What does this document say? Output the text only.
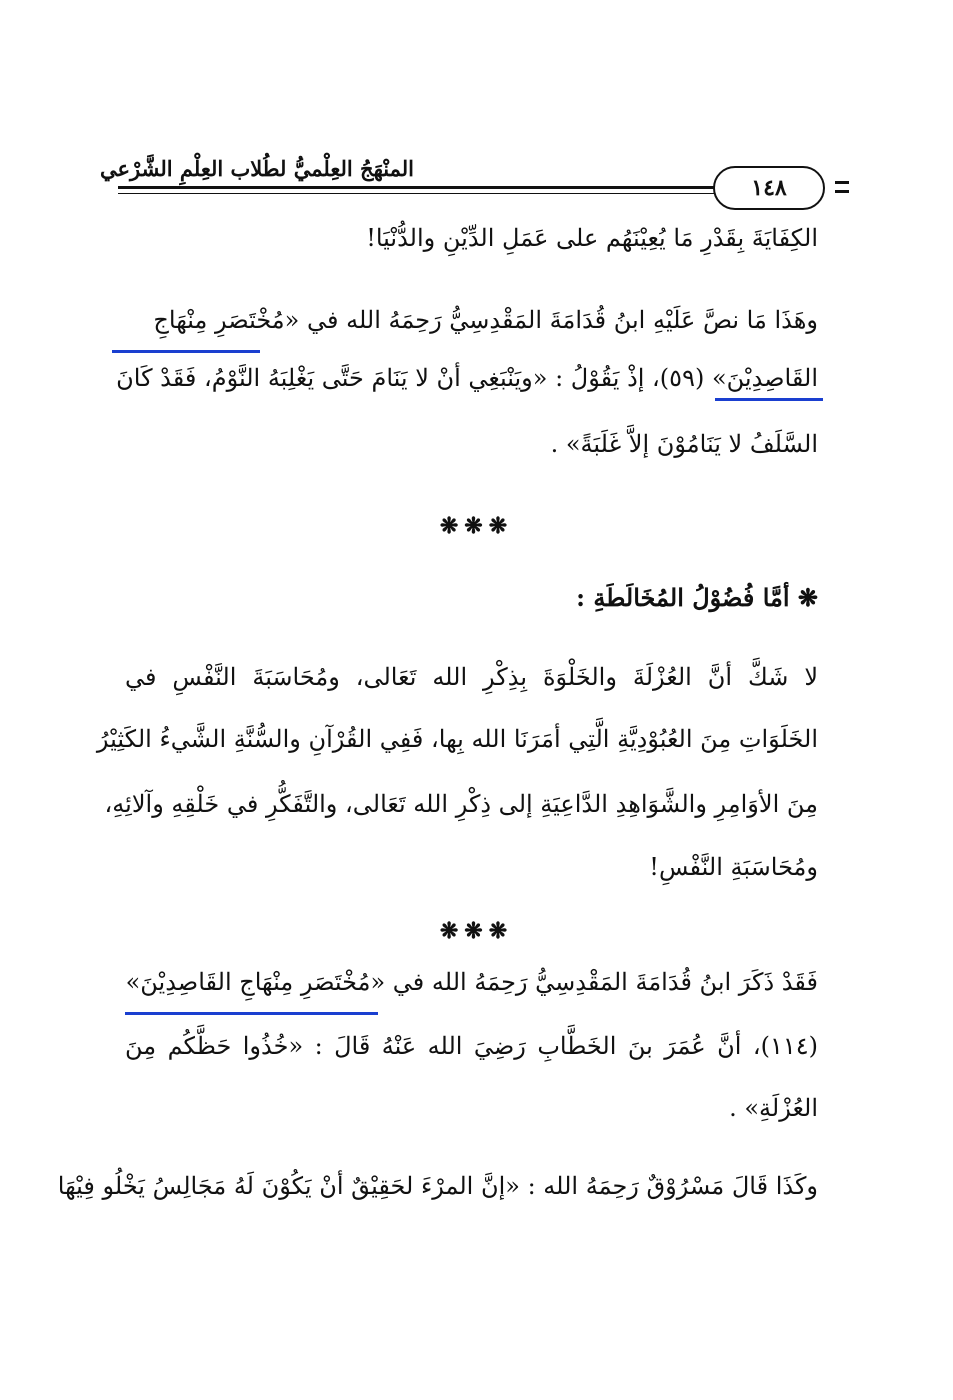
المنْهَجُ العِلْميُّ لطُلاب العِلْمِ الشَّرْعي
١٤٨
الكِفَايَةَ بِقَدْرِ مَا يُعِيْنَهُم على عَمَلِ الدِّيْنِ والدُّنْيَا!
وهَذَا مَا نصَّ عَلَيْهِ ابنُ قُدَامَةَ المَقْدِسِيُّ رَحِمَهُ الله في «مُخْتَصَرِ مِنْهَاجِ
القَاصِدِيْنَ» (٥٩)، إذْ يَقُوْلُ : «ويَنْبَغِي أنْ لا يَنَامَ حَتَّى يَغْلِبَهُ النَّوْمُ، فَقَدْ كَانَ
السَّلَفُ لا يَنَامُوْنَ إلاَّ غَلَبَةً» .
❋❋❋
❋ أمَّا فُضُوْلُ المُخَالَطَةِ :
لا شَكَّ أنَّ العُزْلَةَ والخَلْوَةَ بِذِكْرِ الله تَعَالى، ومُحَاسَبَةَ النَّفْسِ في
الخَلَوَاتِ مِنَ العُبُوْدِيَّةِ الَّتِي أمَرَنَا الله بِها، فَفِي القُرْآنِ والسُّنَّةِ الشَّيءُ الكَثِيْرُ
مِنَ الأوَامِرِ والشَّوَاهِدِ الدَّاعِيَةِ إلى ذِكْرِ الله تَعَالى، والتَّفَكُّرِ في خَلْقِهِ وآلائِهِ،
ومُحَاسَبَةِ النَّفْسِ!
❋❋❋
فَقَدْ ذَكَرَ ابنُ قُدَامَةَ المَقْدِسِيُّ رَحِمَهُ الله في «مُخْتَصَرِ مِنْهَاجِ القَاصِدِيْنَ»
(١١٤)، أنَّ عُمَرَ بنَ الخَطَّابِ رَضِيَ الله عَنْهُ قَالَ : «خُذُوا حَظَّكُم مِنَ
العُزْلَةِ» .
وكَذَا قَالَ مَسْرُوْقٌ رَحِمَهُ الله : «إنَّ المرْءَ لحَقِيْقٌ أنْ يَكُوْنَ لَهُ مَجَالِسُ يَخْلُو فِيْهَا
